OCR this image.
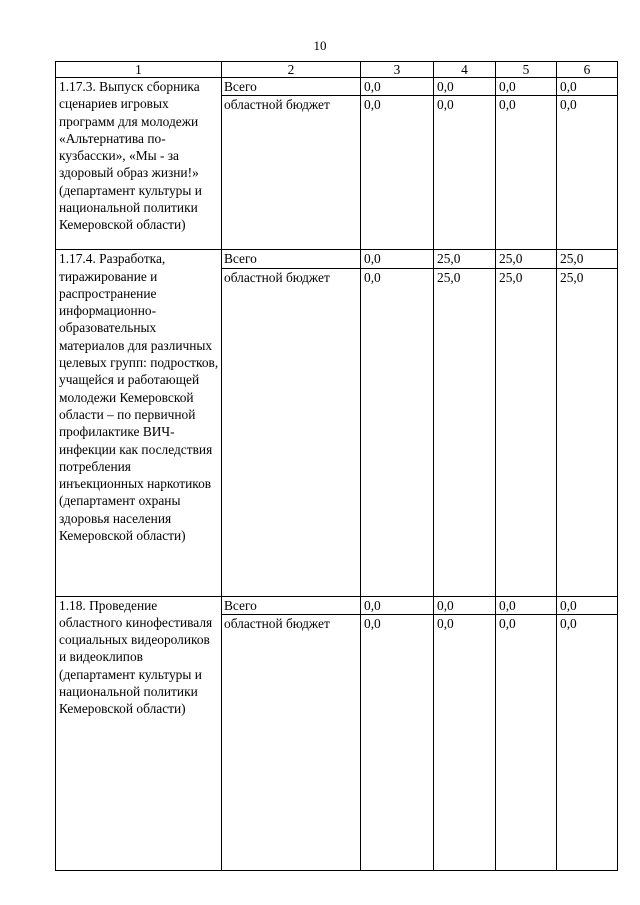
10
1	2	3	4	5	6
1.17.3. Выпуск сборника сценариев игровых программ для молодежи «Альтернатива по-кузбасски», «Мы - за здоровый образ жизни!» (департамент культуры и национальной политики Кемеровской области)	Всего	0,0	0,0	0,0	0,0
	областной бюджет	0,0	0,0	0,0	0,0
1.17.4. Разработка, тиражирование и распространение информационно-образовательных материалов для различных целевых групп: подростков, учащейся и работающей молодежи Кемеровской области – по первичной профилактике ВИЧ-инфекции как последствия потребления инъекционных наркотиков (департамент охраны здоровья населения Кемеровской области)	Всего	0,0	25,0	25,0	25,0
	областной бюджет	0,0	25,0	25,0	25,0
1.18. Проведение областного кинофестиваля социальных видеороликов и видеоклипов (департамент культуры и национальной политики Кемеровской области)	Всего	0,0	0,0	0,0	0,0
	областной бюджет	0,0	0,0	0,0	0,0
